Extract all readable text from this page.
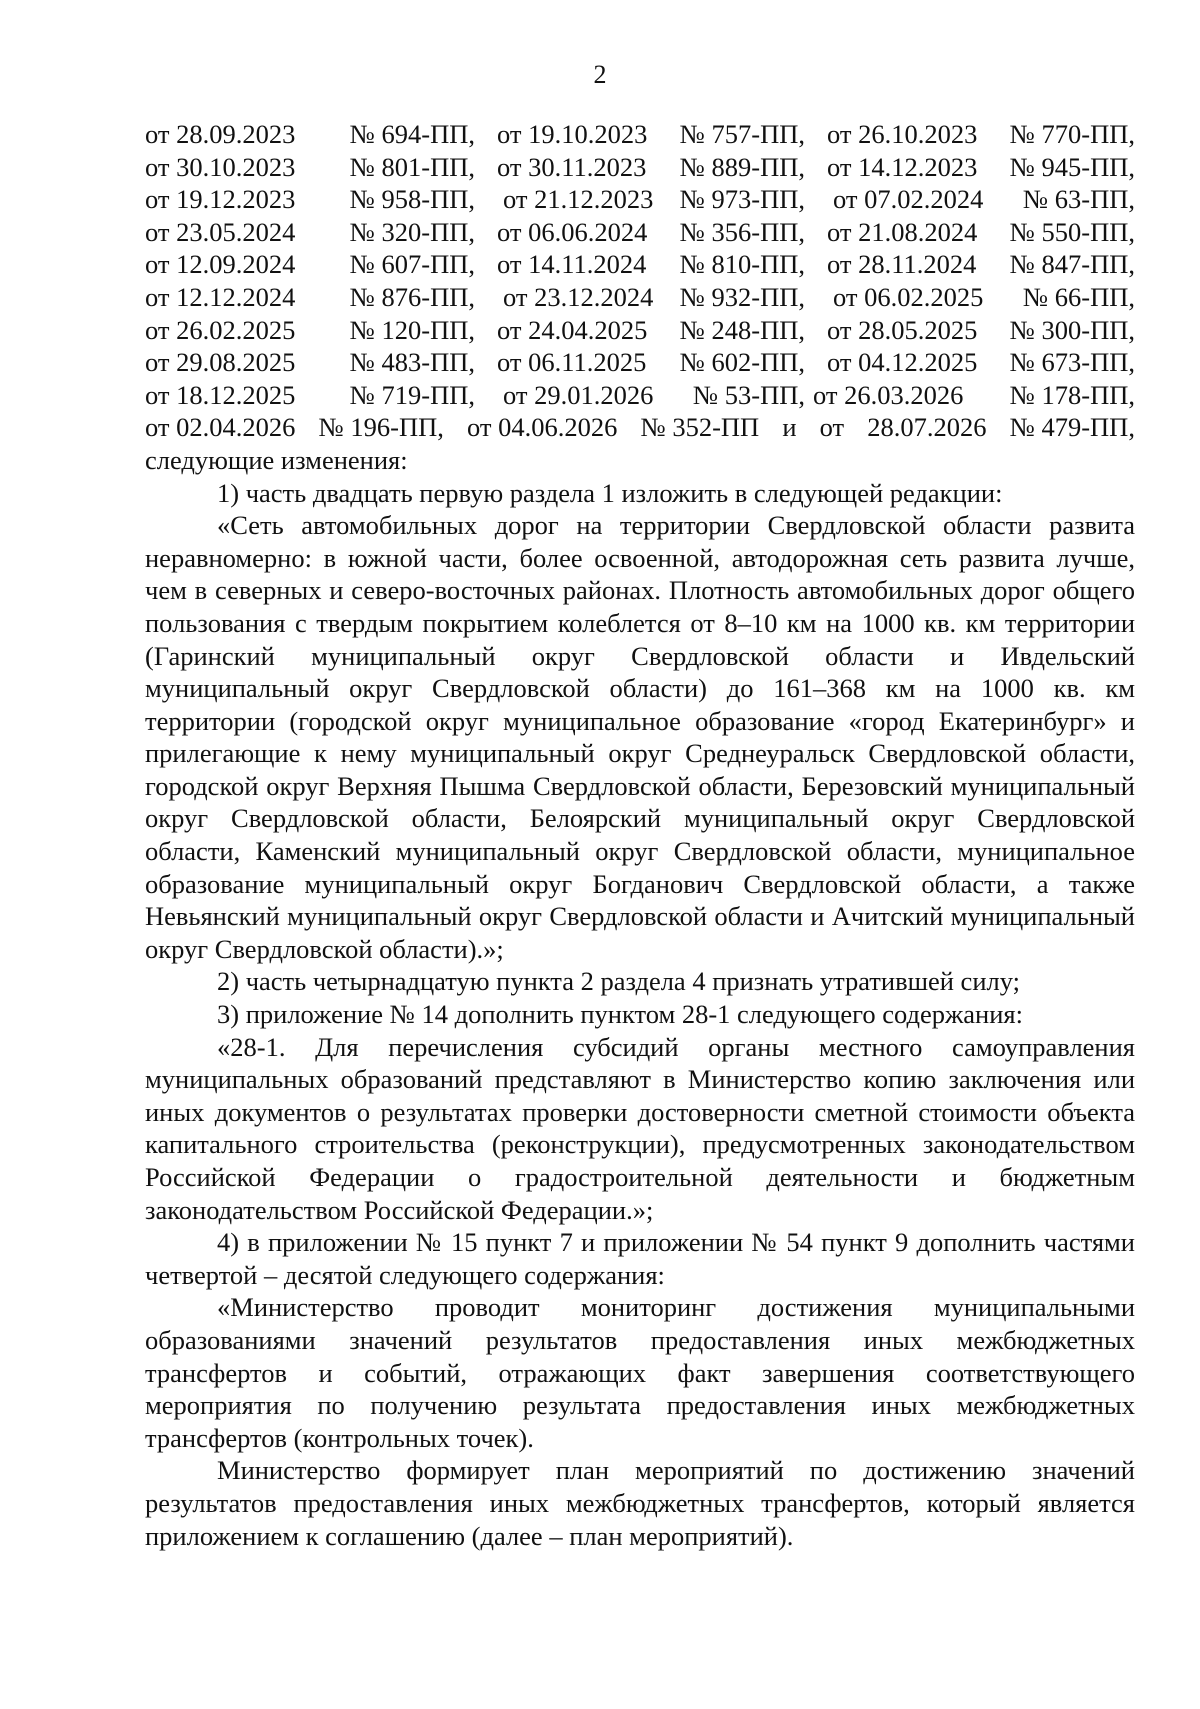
2
от 28.09.2023	№ 694-ПП, от 19.10.2023	№ 757-ПП, от 26.10.2023	№ 770-ПП,
от 30.10.2023	№ 801-ПП, от 30.11.2023	№ 889-ПП, от 14.12.2023	№ 945-ПП,
от 19.12.2023	№ 958-ПП,	от 21.12.2023 № 973-ПП,	от 07.02.2024	№ 63-ПП,
от 23.05.2024	№ 320-ПП, от 06.06.2024	№ 356-ПП, от 21.08.2024	№ 550-ПП,
от 12.09.2024	№ 607-ПП, от 14.11.2024	№ 810-ПП, от 28.11.2024	№ 847-ПП,
от 12.12.2024	№ 876-ПП,	от 23.12.2024 № 932-ПП,	от 06.02.2025	№ 66-ПП,
от 26.02.2025	№ 120-ПП, от 24.04.2025	№ 248-ПП, от 28.05.2025	№ 300-ПП,
от 29.08.2025	№ 483-ПП, от 06.11.2025	№ 602-ПП, от 04.12.2025	№ 673-ПП,
от 18.12.2025	№ 719-ПП,	от 29.01.2026	№ 53-ПП, от 26.03.2026	№ 178-ПП,
от 02.04.2026 № 196-ПП, от 04.06.2026 № 352-ПП и от 28.07.2026 № 479-ПП,

следующие изменения:

1) часть двадцать первую раздела 1 изложить в следующей редакции:

«Сеть автомобильных дорог на территории Свердловской области развита неравномерно: в южной части, более освоенной, автодорожная сеть развита лучше, чем в северных и северо-восточных районах. Плотность автомобильных дорог общего пользования с твердым покрытием колеблется от 8–10 км на 1000 кв. км территории (Гаринский муниципальный округ Свердловской области и Ивдельский муниципальный округ Свердловской области) до 161–368 км на 1000 кв. км территории (городской округ муниципальное образование «город Екатеринбург» и прилегающие к нему муниципальный округ Среднеуральск Свердловской области, городской округ Верхняя Пышма Свердловской области, Березовский муниципальный округ Свердловской области, Белоярский муниципальный округ Свердловской области, Каменский муниципальный округ Свердловской области, муниципальное образование муниципальный округ Богданович Свердловской области, а также Невьянский муниципальный округ Свердловской области и Ачитский муниципальный округ Свердловской области).»;

2) часть четырнадцатую пункта 2 раздела 4 признать утратившей силу;

3) приложение № 14 дополнить пунктом 28-1 следующего содержания:

«28-1. Для перечисления субсидий органы местного самоуправления муниципальных образований представляют в Министерство копию заключения или иных документов о результатах проверки достоверности сметной стоимости объекта капитального строительства (реконструкции), предусмотренных законодательством Российской Федерации о градостроительной деятельности и бюджетным законодательством Российской Федерации.»;

4) в приложении № 15 пункт 7 и приложении № 54 пункт 9 дополнить частями четвертой – десятой следующего содержания:

«Министерство проводит мониторинг достижения муниципальными образованиями значений результатов предоставления иных межбюджетных трансфертов и событий, отражающих факт завершения соответствующего мероприятия по получению результата предоставления иных межбюджетных трансфертов (контрольных точек).

Министерство формирует план мероприятий по достижению значений результатов предоставления иных межбюджетных трансфертов, который является приложением к соглашению (далее – план мероприятий).
